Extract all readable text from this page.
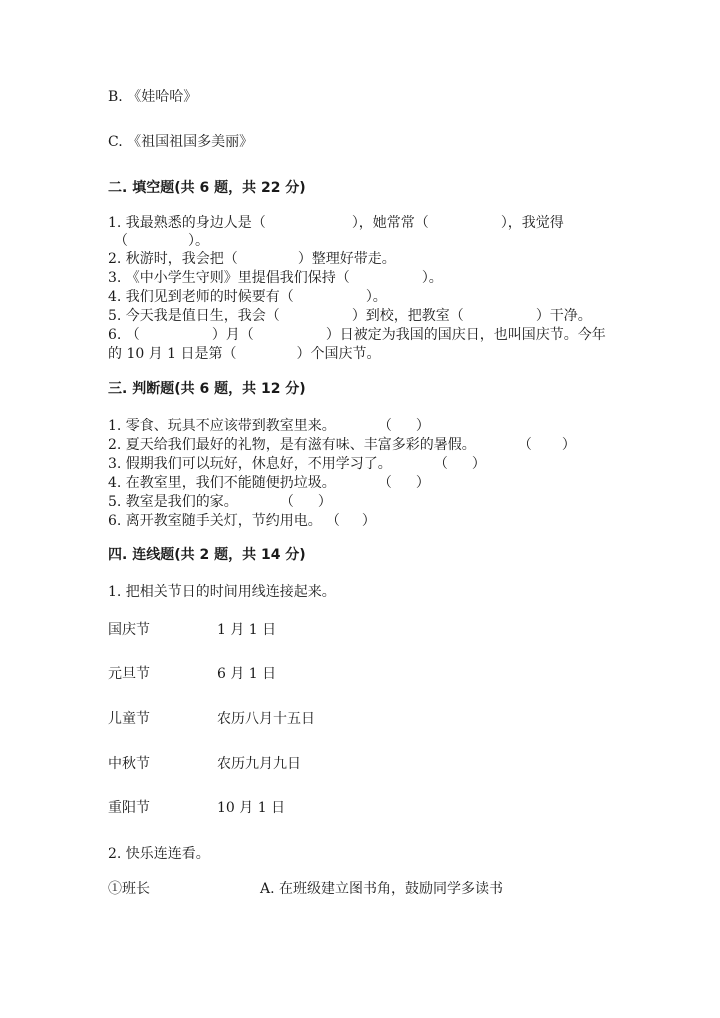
B. 《娃哈哈》
C. 《祖国祖国多美丽》
二. 填空题(共 6 题，共 22 分)
1. 我最熟悉的身边人是（	），她常常（	），我觉得
（	）。
2. 秋游时，我会把（	）整理好带走。
3. 《中小学生守则》里提倡我们保持（	）。
4. 我们见到老师的时候要有（	）。
5. 今天我是值日生，我会（	）到校，把教室（	）干净。
6. （	）月（	）日被定为我国的国庆日，也叫国庆节。今年
的 10 月 1 日是第（	）个国庆节。
三. 判断题(共 6 题，共 12 分)
1. 零食、玩具不应该带到教室里来。	（ ）
2. 夏天给我们最好的礼物，是有滋有味、丰富多彩的暑假。	（ ）
3. 假期我们可以玩好，休息好，不用学习了。	（ ）
4. 在教室里，我们不能随便扔垃圾。	（ ）
5. 教室是我们的家。	（ ）
6. 离开教室随手关灯，节约用电。 （ ）
四. 连线题(共 2 题，共 14 分)
1. 把相关节日的时间用线连接起来。
国庆节	1 月 1 日
元旦节	6 月 1 日
儿童节	农历八月十五日
中秋节	农历九月九日
重阳节	10 月 1 日
2. 快乐连连看。
①班长	A. 在班级建立图书角，鼓励同学多读书
